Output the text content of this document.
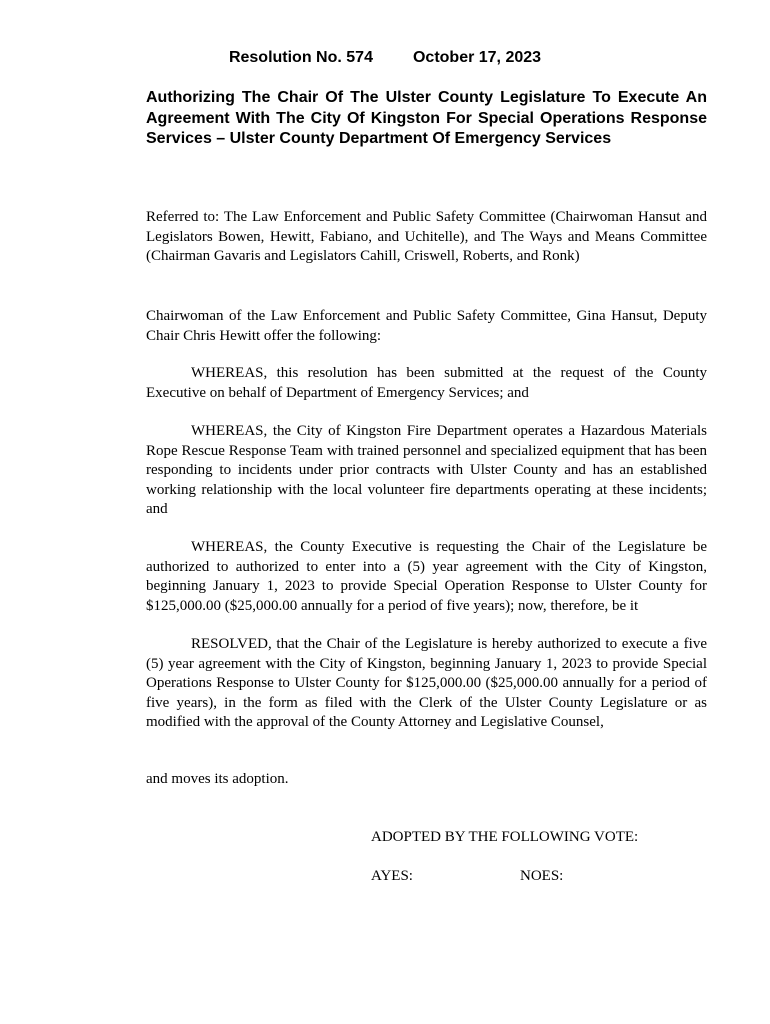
Resolution No. 574	October 17, 2023

Authorizing The Chair Of The Ulster County Legislature To Execute An Agreement With The City Of Kingston For Special Operations Response Services – Ulster County Department Of Emergency Services

Referred to: The Law Enforcement and Public Safety Committee (Chairwoman Hansut and Legislators Bowen, Hewitt, Fabiano, and Uchitelle), and The Ways and Means Committee (Chairman Gavaris and Legislators Cahill, Criswell, Roberts, and Ronk)

Chairwoman of the Law Enforcement and Public Safety Committee, Gina Hansut, Deputy Chair Chris Hewitt offer the following:

WHEREAS, this resolution has been submitted at the request of the County Executive on behalf of Department of Emergency Services; and

WHEREAS, the City of Kingston Fire Department operates a Hazardous Materials Rope Rescue Response Team with trained personnel and specialized equipment that has been responding to incidents under prior contracts with Ulster County and has an established working relationship with the local volunteer fire departments operating at these incidents; and

WHEREAS, the County Executive is requesting the Chair of the Legislature be authorized to authorized to enter into a (5) year agreement with the City of Kingston, beginning January 1, 2023 to provide Special Operation Response to Ulster County for $125,000.00 ($25,000.00 annually for a period of five years); now, therefore, be it

RESOLVED, that the Chair of the Legislature is hereby authorized to execute a five (5) year agreement with the City of Kingston, beginning January 1, 2023 to provide Special Operations Response to Ulster County for $125,000.00 ($25,000.00 annually for a period of five years), in the form as filed with the Clerk of the Ulster County Legislature or as modified with the approval of the County Attorney and Legislative Counsel,

and moves its adoption.

ADOPTED BY THE FOLLOWING VOTE:

AYES:	NOES:
